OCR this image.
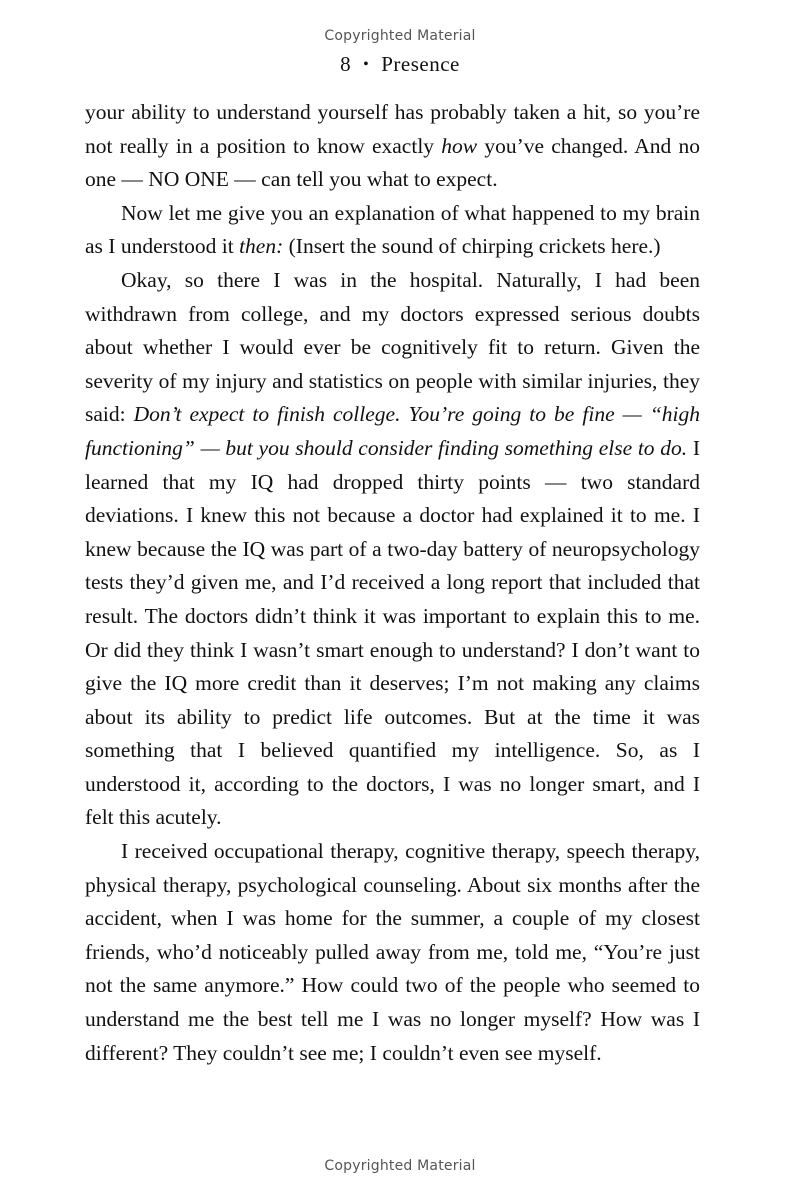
Copyrighted Material
8 • Presence

your ability to understand yourself has probably taken a hit, so you’re not really in a position to know exactly how you’ve changed. And no one — NO ONE — can tell you what to expect.

Now let me give you an explanation of what happened to my brain as I understood it then: (Insert the sound of chirping crickets here.)

Okay, so there I was in the hospital. Naturally, I had been withdrawn from college, and my doctors expressed serious doubts about whether I would ever be cognitively fit to return. Given the severity of my injury and statistics on people with similar injuries, they said: Don’t expect to finish college. You’re going to be fine — “high functioning” — but you should consider finding something else to do. I learned that my IQ had dropped thirty points — two standard deviations. I knew this not because a doctor had explained it to me. I knew because the IQ was part of a two-day battery of neuropsychology tests they’d given me, and I’d received a long report that included that result. The doctors didn’t think it was important to explain this to me. Or did they think I wasn’t smart enough to understand? I don’t want to give the IQ more credit than it deserves; I’m not making any claims about its ability to predict life outcomes. But at the time it was something that I believed quantified my intelligence. So, as I understood it, according to the doctors, I was no longer smart, and I felt this acutely.

I received occupational therapy, cognitive therapy, speech therapy, physical therapy, psychological counseling. About six months after the accident, when I was home for the summer, a couple of my closest friends, who’d noticeably pulled away from me, told me, “You’re just not the same anymore.” How could two of the people who seemed to understand me the best tell me I was no longer myself? How was I different? They couldn’t see me; I couldn’t even see myself.

Copyrighted Material
